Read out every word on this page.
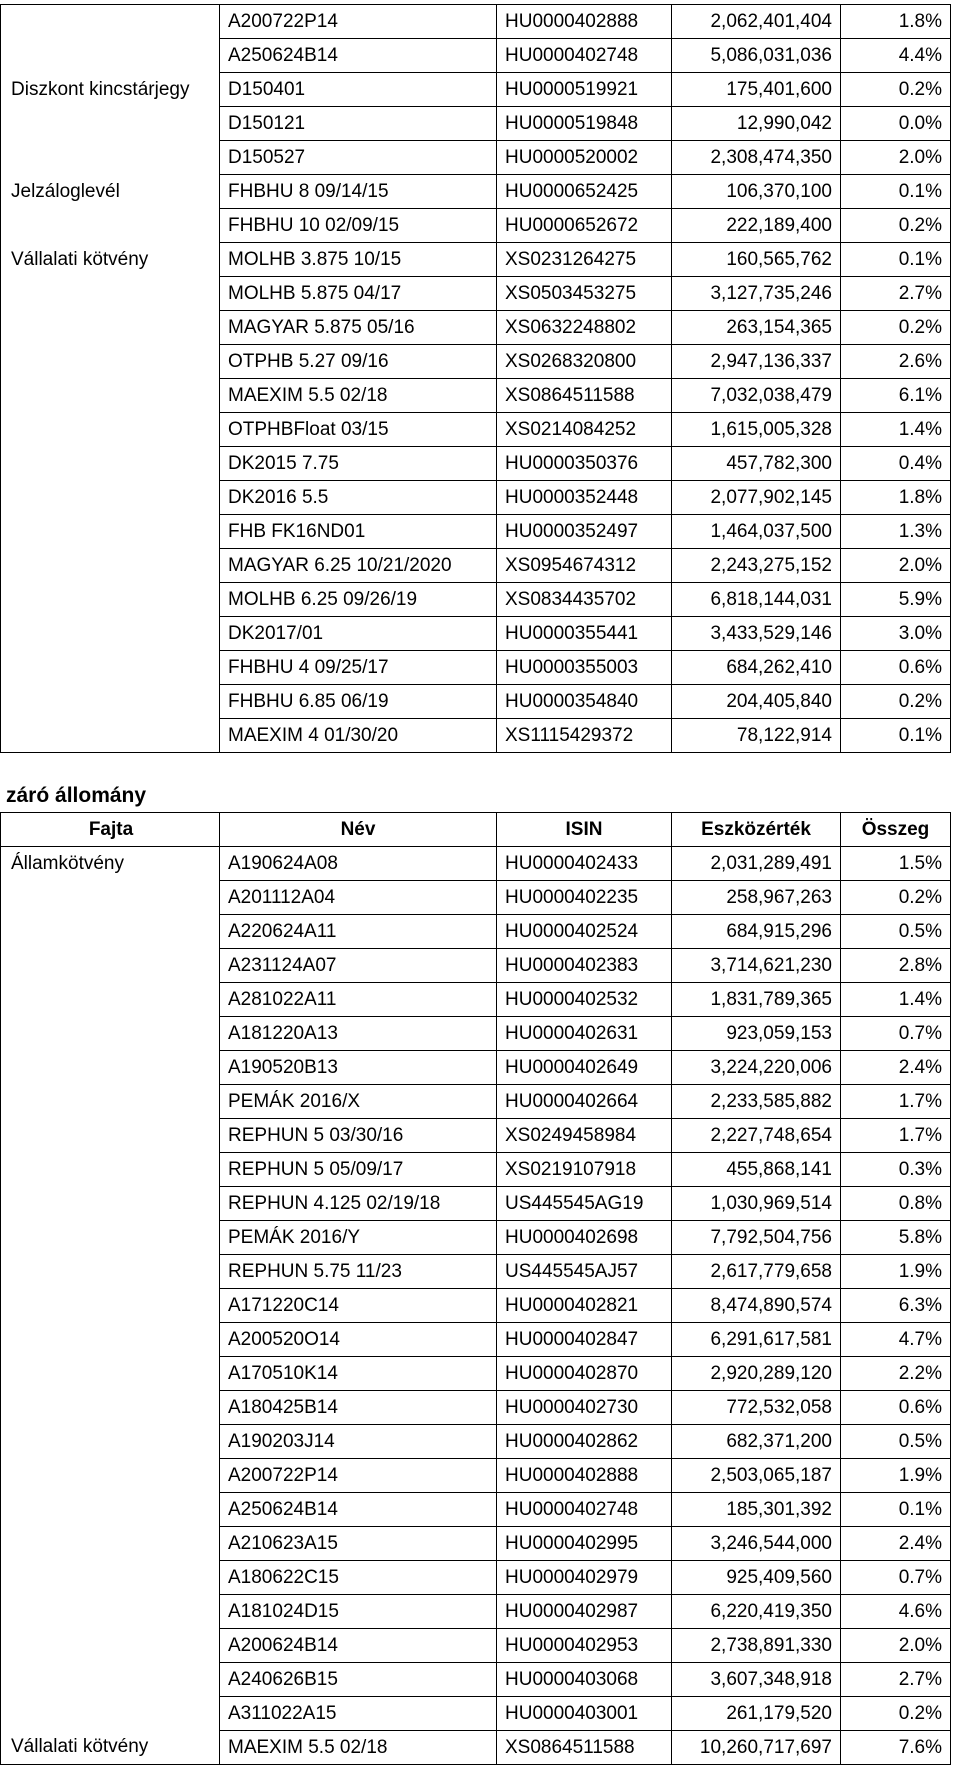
	A200722P14	HU0000402888	2,062,401,404	1.8%
	A250624B14	HU0000402748	5,086,031,036	4.4%
Diszkont kincstárjegy	D150401	HU0000519921	175,401,600	0.2%
	D150121	HU0000519848	12,990,042	0.0%
	D150527	HU0000520002	2,308,474,350	2.0%
Jelzáloglevél	FHBHU 8 09/14/15	HU0000652425	106,370,100	0.1%
	FHBHU 10 02/09/15	HU0000652672	222,189,400	0.2%
Vállalati kötvény	MOLHB 3.875 10/15	XS0231264275	160,565,762	0.1%
	MOLHB 5.875 04/17	XS0503453275	3,127,735,246	2.7%
	MAGYAR 5.875 05/16	XS0632248802	263,154,365	0.2%
	OTPHB 5.27 09/16	XS0268320800	2,947,136,337	2.6%
	MAEXIM 5.5 02/18	XS0864511588	7,032,038,479	6.1%
	OTPHBFloat 03/15	XS0214084252	1,615,005,328	1.4%
	DK2015 7.75	HU0000350376	457,782,300	0.4%
	DK2016 5.5	HU0000352448	2,077,902,145	1.8%
	FHB FK16ND01	HU0000352497	1,464,037,500	1.3%
	MAGYAR 6.25 10/21/2020	XS0954674312	2,243,275,152	2.0%
	MOLHB 6.25 09/26/19	XS0834435702	6,818,144,031	5.9%
	DK2017/01	HU0000355441	3,433,529,146	3.0%
	FHBHU 4 09/25/17	HU0000355003	684,262,410	0.6%
	FHBHU 6.85 06/19	HU0000354840	204,405,840	0.2%
	MAEXIM 4 01/30/20	XS1115429372	78,122,914	0.1%
záró állomány
Fajta	Név	ISIN	Eszközérték	Összeg
Államkötvény	A190624A08	HU0000402433	2,031,289,491	1.5%
	A201112A04	HU0000402235	258,967,263	0.2%
	A220624A11	HU0000402524	684,915,296	0.5%
	A231124A07	HU0000402383	3,714,621,230	2.8%
	A281022A11	HU0000402532	1,831,789,365	1.4%
	A181220A13	HU0000402631	923,059,153	0.7%
	A190520B13	HU0000402649	3,224,220,006	2.4%
	PEMÁK 2016/X	HU0000402664	2,233,585,882	1.7%
	REPHUN 5 03/30/16	XS0249458984	2,227,748,654	1.7%
	REPHUN 5 05/09/17	XS0219107918	455,868,141	0.3%
	REPHUN 4.125 02/19/18	US445545AG19	1,030,969,514	0.8%
	PEMÁK 2016/Y	HU0000402698	7,792,504,756	5.8%
	REPHUN 5.75 11/23	US445545AJ57	2,617,779,658	1.9%
	A171220C14	HU0000402821	8,474,890,574	6.3%
	A200520O14	HU0000402847	6,291,617,581	4.7%
	A170510K14	HU0000402870	2,920,289,120	2.2%
	A180425B14	HU0000402730	772,532,058	0.6%
	A190203J14	HU0000402862	682,371,200	0.5%
	A200722P14	HU0000402888	2,503,065,187	1.9%
	A250624B14	HU0000402748	185,301,392	0.1%
	A210623A15	HU0000402995	3,246,544,000	2.4%
	A180622C15	HU0000402979	925,409,560	0.7%
	A181024D15	HU0000402987	6,220,419,350	4.6%
	A200624B14	HU0000402953	2,738,891,330	2.0%
	A240626B15	HU0000403068	3,607,348,918	2.7%
	A311022A15	HU0000403001	261,179,520	0.2%
Vállalati kötvény	MAEXIM 5.5 02/18	XS0864511588	10,260,717,697	7.6%
